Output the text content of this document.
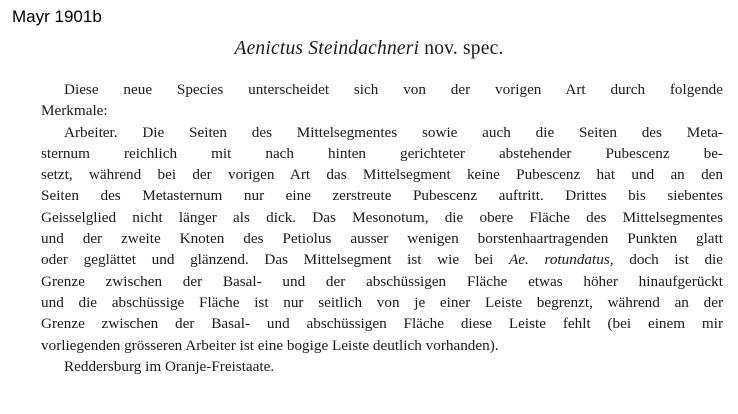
Mayr 1901b
Aenictus Steindachneri nov. spec.
Diese neue Species unterscheidet sich von der vorigen Art durch folgende
Merkmale:
Arbeiter. Die Seiten des Mittelsegmentes sowie auch die Seiten des Meta-
sternum reichlich mit nach hinten gerichteter abstehender Pubescenz be-
setzt, während bei der vorigen Art das Mittelsegment keine Pubescenz hat und an den
Seiten des Metasternum nur eine zerstreute Pubescenz auftritt. Drittes bis siebentes
Geisselglied nicht länger als dick. Das Mesonotum, die obere Fläche des Mittelsegmentes
und der zweite Knoten des Petiolus ausser wenigen borstenhaartragenden Punkten glatt
oder geglättet und glänzend. Das Mittelsegment ist wie bei Ae. rotundatus, doch ist die
Grenze zwischen der Basal- und der abschüssigen Fläche etwas höher hinaufgerückt
und die abschüssige Fläche ist nur seitlich von je einer Leiste begrenzt, während an der
Grenze zwischen der Basal- und abschüssigen Fläche diese Leiste fehlt (bei einem mir
vorliegenden grösseren Arbeiter ist eine bogige Leiste deutlich vorhanden).
Reddersburg im Oranje-Freistaate.
